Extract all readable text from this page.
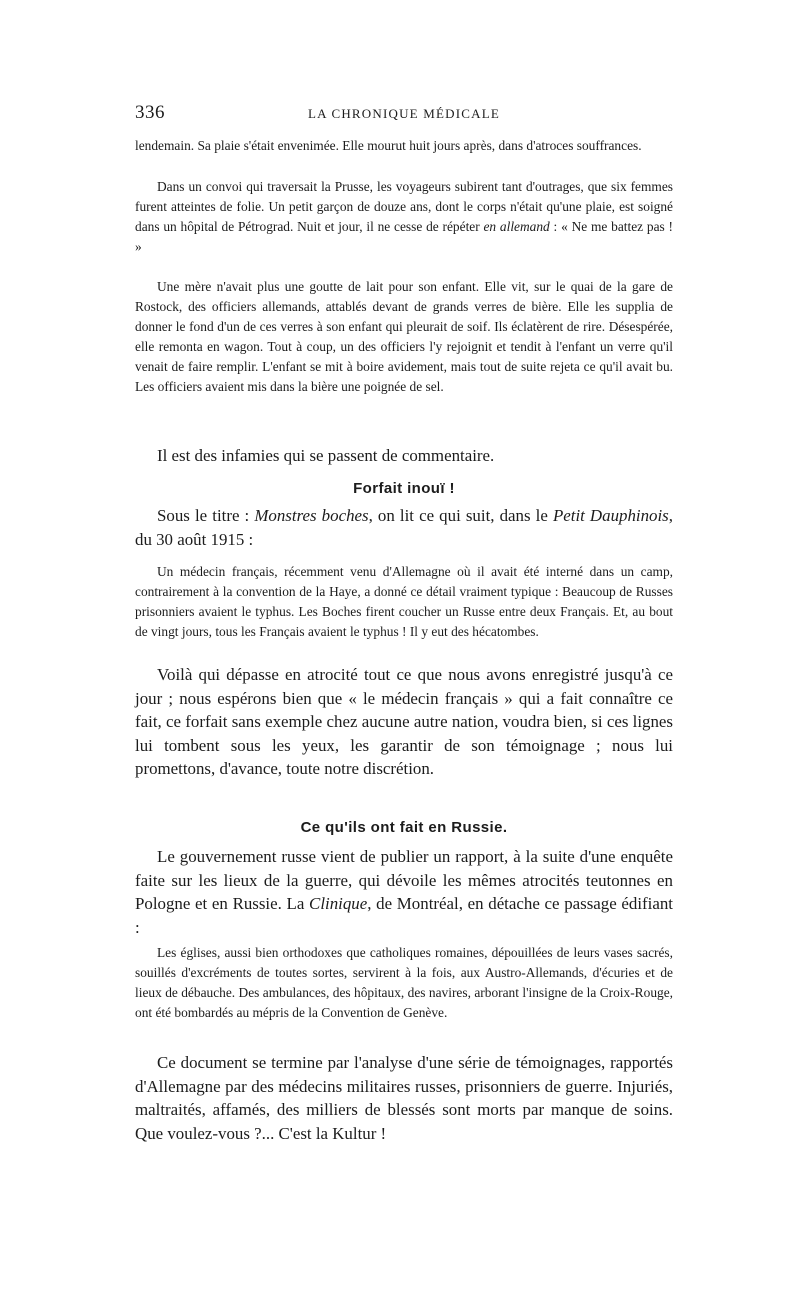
336	LA CHRONIQUE MÉDICALE

lendemain. Sa plaie s'était envenimée. Elle mourut huit jours après, dans d'atroces souffrances.

Dans un convoi qui traversait la Prusse, les voyageurs subirent tant d'outrages, que six femmes furent atteintes de folie. Un petit garçon de douze ans, dont le corps n'était qu'une plaie, est soigné dans un hôpital de Pétrograd. Nuit et jour, il ne cesse de répéter en allemand : « Ne me battez pas ! »

Une mère n'avait plus une goutte de lait pour son enfant. Elle vit, sur le quai de la gare de Rostock, des officiers allemands, attablés devant de grands verres de bière. Elle les supplia de donner le fond d'un de ces verres à son enfant qui pleurait de soif. Ils éclatèrent de rire. Désespérée, elle remonta en wagon. Tout à coup, un des officiers l'y rejoignit et tendit à l'enfant un verre qu'il venait de faire remplir. L'enfant se mit à boire avidement, mais tout de suite rejeta ce qu'il avait bu. Les officiers avaient mis dans la bière une poignée de sel.

Il est des infamies qui se passent de commentaire.

Forfait inouï !

Sous le titre : Monstres boches, on lit ce qui suit, dans le Petit Dauphinois, du 30 août 1915 :

Un médecin français, récemment venu d'Allemagne où il avait été interné dans un camp, contrairement à la convention de la Haye, a donné ce détail vraiment typique : Beaucoup de Russes prisonniers avaient le typhus. Les Boches firent coucher un Russe entre deux Français. Et, au bout de vingt jours, tous les Français avaient le typhus ! Il y eut des hécatombes.

Voilà qui dépasse en atrocité tout ce que nous avons enregistré jusqu'à ce jour ; nous espérons bien que « le médecin français » qui a fait connaître ce fait, ce forfait sans exemple chez aucune autre nation, voudra bien, si ces lignes lui tombent sous les yeux, les garantir de son témoignage ; nous lui promettons, d'avance, toute notre discrétion.

Ce qu'ils ont fait en Russie.

Le gouvernement russe vient de publier un rapport, à la suite d'une enquête faite sur les lieux de la guerre, qui dévoile les mêmes atrocités teutonnes en Pologne et en Russie. La Clinique, de Montréal, en détache ce passage édifiant :

Les églises, aussi bien orthodoxes que catholiques romaines, dépouillées de leurs vases sacrés, souillés d'excréments de toutes sortes, servirent à la fois, aux Austro-Allemands, d'écuries et de lieux de débauche. Des ambulances, des hôpitaux, des navires, arborant l'insigne de la Croix-Rouge, ont été bombardés au mépris de la Convention de Genève.

Ce document se termine par l'analyse d'une série de témoignages, rapportés d'Allemagne par des médecins militaires russes, prisonniers de guerre. Injuriés, maltraités, affamés, des milliers de blessés sont morts par manque de soins. Que voulez-vous ?... C'est la Kultur !
